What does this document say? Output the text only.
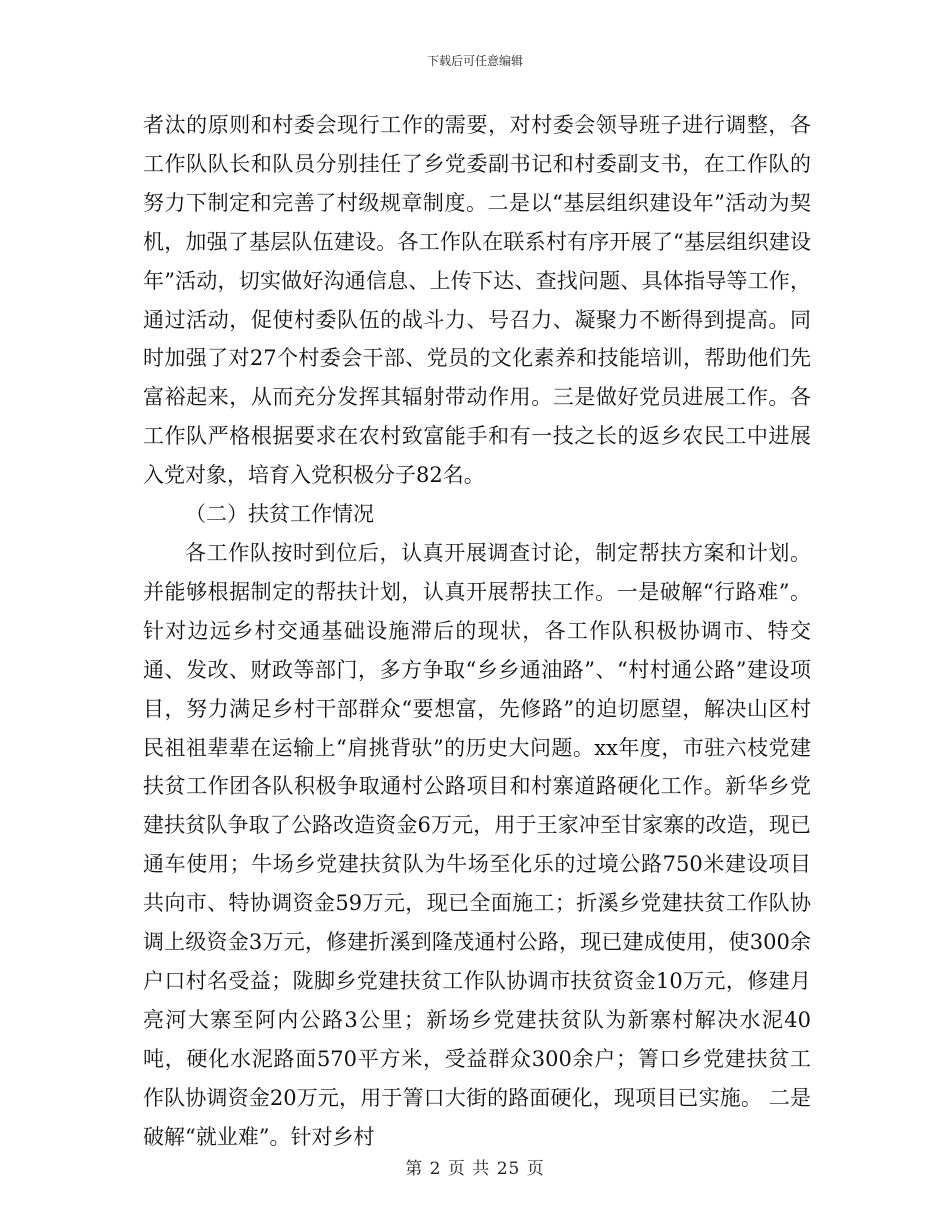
下载后可任意编辑

者汰的原则和村委会现行工作的需要，对村委会领导班子进行调整，各工作队队长和队员分别挂任了乡党委副书记和村委副支书，在工作队的努力下制定和完善了村级规章制度。二是以“基层组织建设年”活动为契机，加强了基层队伍建设。各工作队在联系村有序开展了“基层组织建设年”活动，切实做好沟通信息、上传下达、查找问题、具体指导等工作，通过活动，促使村委队伍的战斗力、号召力、凝聚力不断得到提高。同时加强了对27个村委会干部、党员的文化素养和技能培训，帮助他们先富裕起来，从而充分发挥其辐射带动作用。三是做好党员进展工作。各工作队严格根据要求在农村致富能手和有一技之长的返乡农民工中进展入党对象，培育入党积极分子82名。

（二）扶贫工作情况

各工作队按时到位后，认真开展调查讨论，制定帮扶方案和计划。并能够根据制定的帮扶计划，认真开展帮扶工作。一是破解“行路难”。针对边远乡村交通基础设施滞后的现状，各工作队积极协调市、特交通、发改、财政等部门，多方争取“乡乡通油路”、“村村通公路”建设项目，努力满足乡村干部群众“要想富，先修路”的迫切愿望，解决山区村民祖祖辈辈在运输上“肩挑背驮”的历史大问题。xx年度，市驻六枝党建扶贫工作团各队积极争取通村公路项目和村寨道路硬化工作。新华乡党建扶贫队争取了公路改造资金6万元，用于王家冲至甘家寨的改造，现已通车使用；牛场乡党建扶贫队为牛场至化乐的过境公路750米建设项目共向市、特协调资金59万元，现已全面施工；折溪乡党建扶贫工作队协调上级资金3万元，修建折溪到隆茂通村公路，现已建成使用，使300余户口村名受益；陇脚乡党建扶贫工作队协调市扶贫资金10万元，修建月亮河大寨至阿内公路3公里；新场乡党建扶贫队为新寨村解决水泥40吨，硬化水泥路面570平方米，受益群众300余户；箐口乡党建扶贫工作队协调资金20万元，用于箐口大街的路面硬化，现项目已实施。 二是破解“就业难”。针对乡村

第 2 页 共 25 页
